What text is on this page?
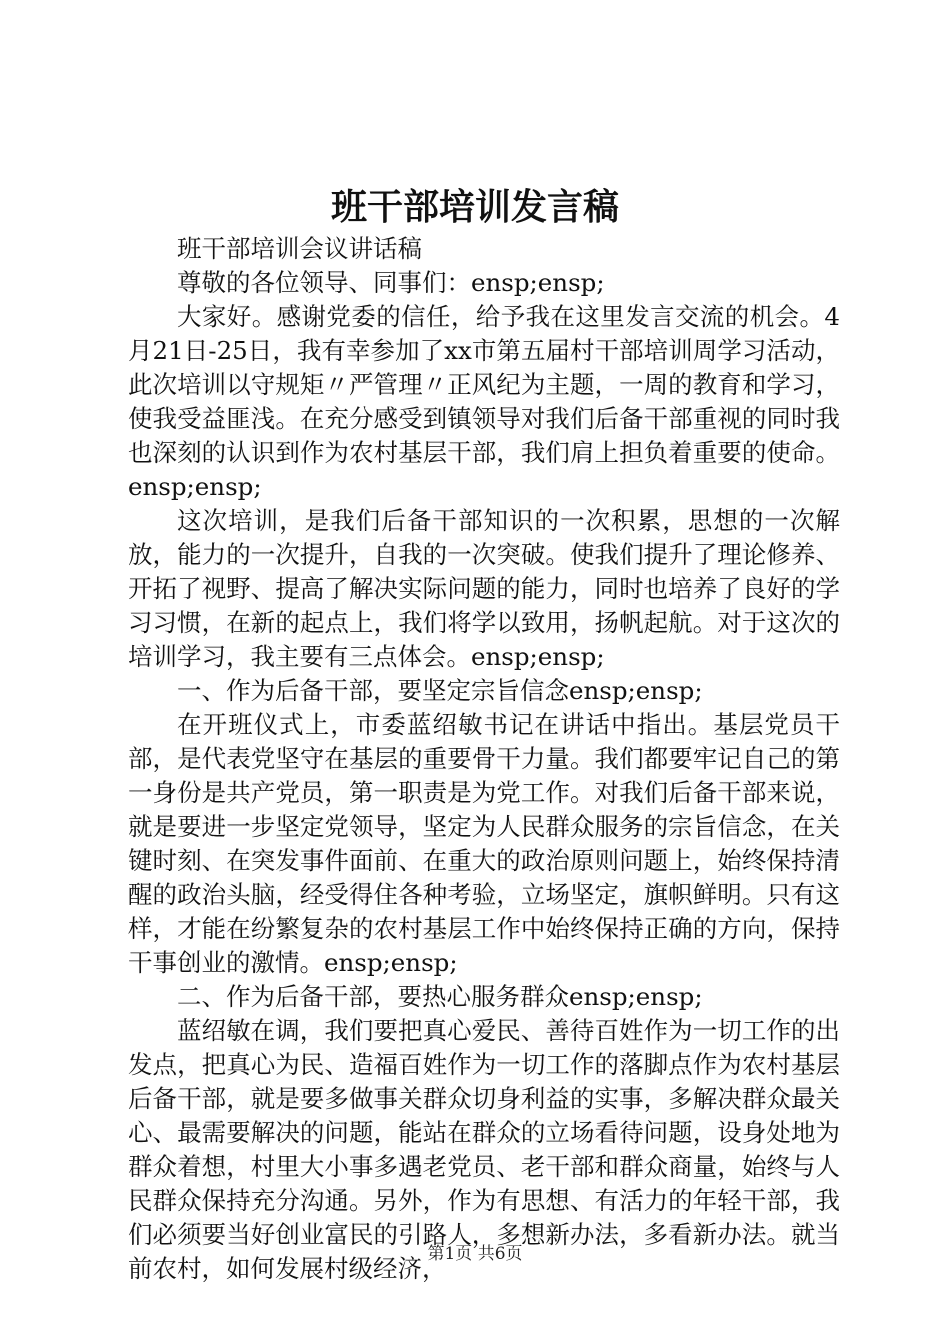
班干部培训发言稿

班干部培训会议讲话稿

尊敬的各位领导、同事们：ensp;ensp;

大家好。感谢党委的信任，给予我在这里发言交流的机会。4月21日-25日，我有幸参加了xx市第五届村干部培训周学习活动，此次培训以守规矩〃严管理〃正风纪为主题，一周的教育和学习，使我受益匪浅。在充分感受到镇领导对我们后备干部重视的同时我也深刻的认识到作为农村基层干部，我们肩上担负着重要的使命。ensp;ensp;

这次培训，是我们后备干部知识的一次积累，思想的一次解放，能力的一次提升，自我的一次突破。使我们提升了理论修养、开拓了视野、提高了解决实际问题的能力，同时也培养了良好的学习习惯，在新的起点上，我们将学以致用，扬帆起航。对于这次的培训学习，我主要有三点体会。ensp;ensp;

一、作为后备干部，要坚定宗旨信念ensp;ensp;

在开班仪式上，市委蓝绍敏书记在讲话中指出。基层党员干部，是代表党坚守在基层的重要骨干力量。我们都要牢记自己的第一身份是共产党员，第一职责是为党工作。对我们后备干部来说，就是要进一步坚定党领导，坚定为人民群众服务的宗旨信念，在关键时刻、在突发事件面前、在重大的政治原则问题上，始终保持清醒的政治头脑，经受得住各种考验，立场坚定，旗帜鲜明。只有这样，才能在纷繁复杂的农村基层工作中始终保持正确的方向，保持干事创业的激情。ensp;ensp;

二、作为后备干部，要热心服务群众ensp;ensp;

蓝绍敏在调，我们要把真心爱民、善待百姓作为一切工作的出发点，把真心为民、造福百姓作为一切工作的落脚点作为农村基层后备干部，就是要多做事关群众切身利益的实事，多解决群众最关心、最需要解决的问题，能站在群众的立场看待问题，设身处地为群众着想，村里大小事多遇老党员、老干部和群众商量，始终与人民群众保持充分沟通。另外，作为有思想、有活力的年轻干部，我们必须要当好创业富民的引路人，多想新办法，多看新办法。就当前农村，如何发展村级经济，

第1页 共6页
